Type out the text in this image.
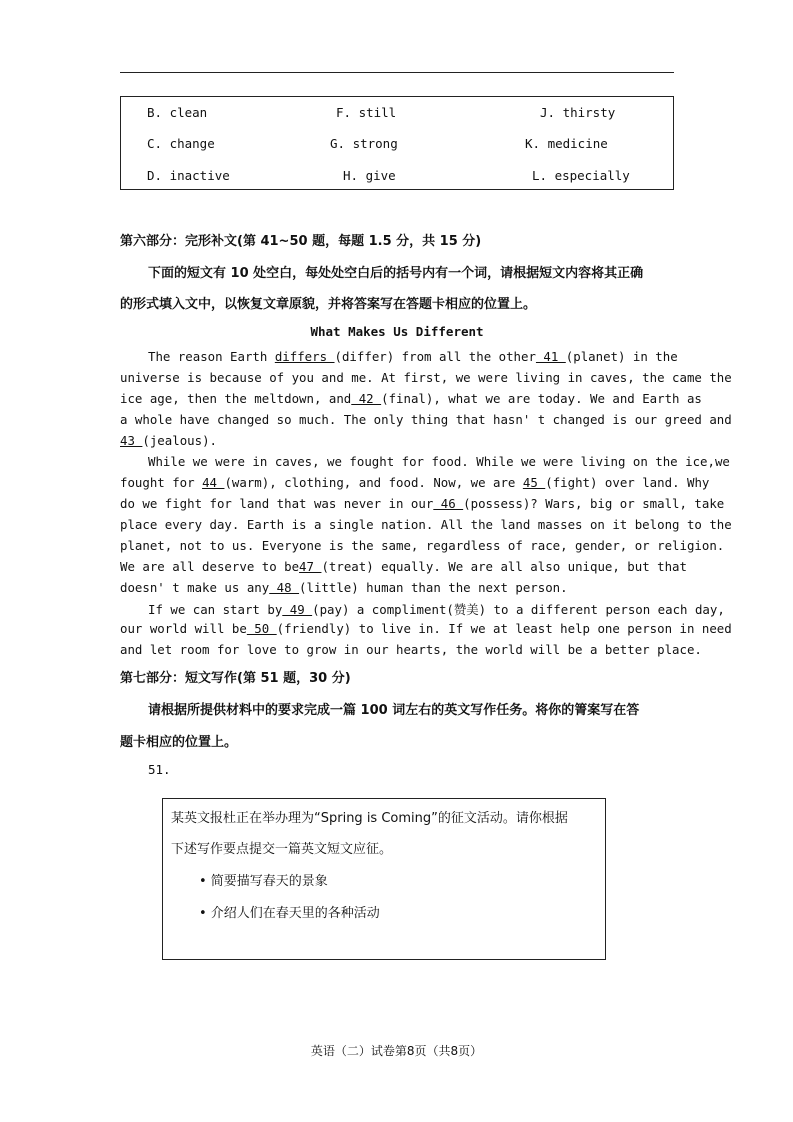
B. clean	F. still	J. thirsty
C. change	G. strong	K. medicine
D. inactive	H. give	L. especially
第六部分：完形补文(第 41~50 题，每题 1.5 分，共 15 分)
下面的短文有 10 处空白，每处处空白后的括号内有一个词，请根据短文内容将其正确
的形式填入文中，以恢复文章原貌，并将答案写在答题卡相应的位置上。
What Makes Us Different
The reason Earth differs (differ) from all the other 41 (planet) in the
universe is because of you and me. At first, we were living in caves, the came the
ice age, then the meltdown, and 42 (final), what we are today. We and Earth as
a whole have changed so much. The only thing that hasn' t changed is our greed and
43 (jealous).
While we were in caves, we fought for food. While we were living on the ice,we
fought for 44 (warm), clothing, and food. Now, we are 45 (fight) over land. Why
do we fight for land that was never in our 46 (possess)? Wars, big or small, take
place every day. Earth is a single nation. All the land masses on it belong to the
planet, not to us. Everyone is the same, regardless of race, gender, or religion.
We are all deserve to be47 (treat) equally. We are all also unique, but that
doesn' t make us any 48 (little) human than the next person.
If we can start by 49 (pay) a compliment(赞美) to a different person each day,
our world will be 50 (friendly) to live in. If we at least help one person in need
and let room for love to grow in our hearts, the world will be a better place.
第七部分：短文写作(第 51 题，30 分)
请根据所提供材料中的要求完成一篇 100 词左右的英文写作任务。将你的箐案写在答
题卡相应的位置上。
51.
某英文报杜正在举办理为“Spring is Coming”的征文活动。请你根据
下述写作要点提交一篇英文短文应征。
• 简要描写春天的景象
• 介绍人们在春天里的各种活动
英语（二）试卷第8页（共8页）
